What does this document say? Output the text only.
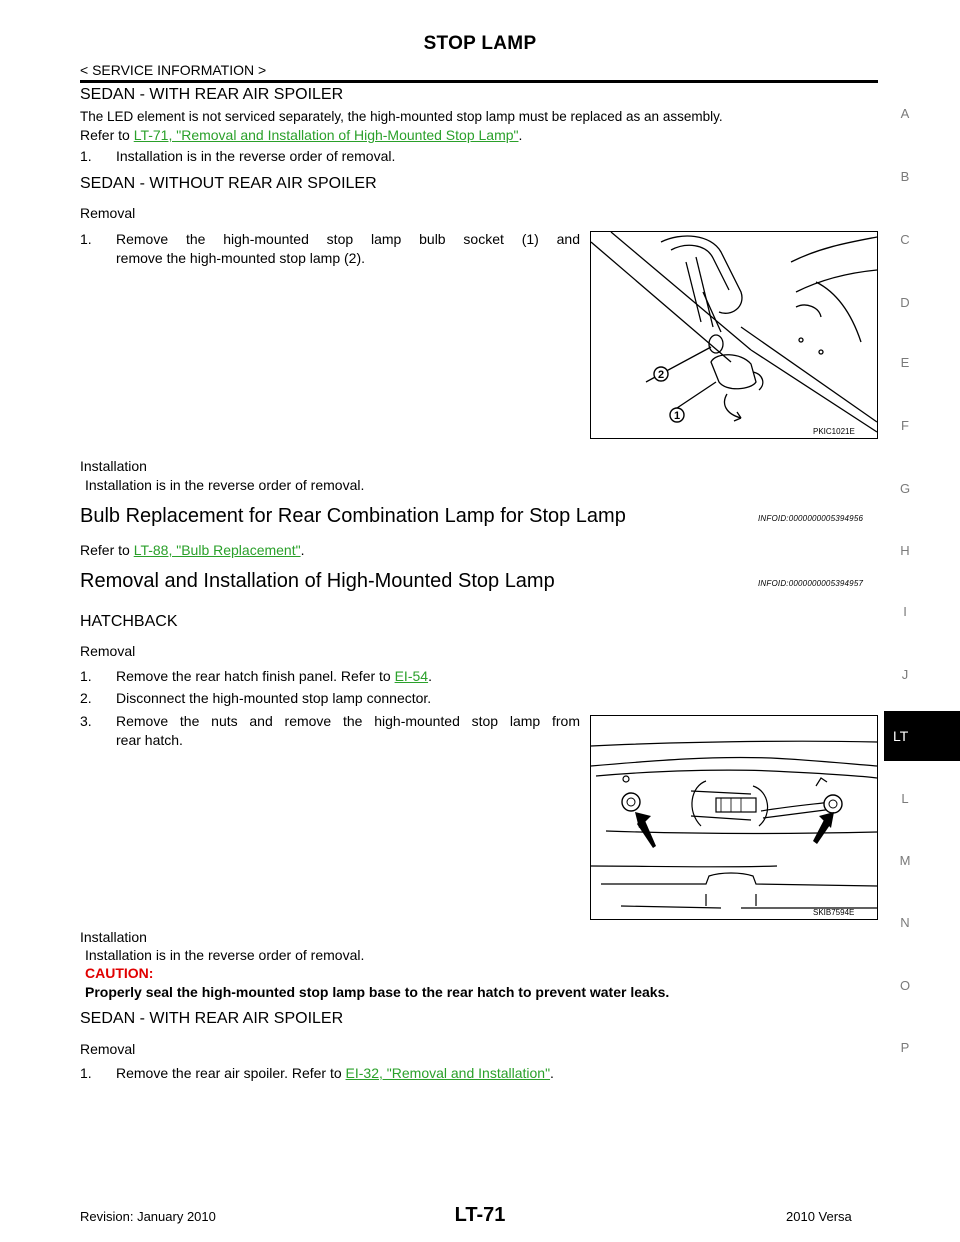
STOP LAMP
< SERVICE INFORMATION >
SEDAN - WITH REAR AIR SPOILER
The LED element is not serviced separately, the high-mounted stop lamp must be replaced as an assembly.
Refer to LT-71, "Removal and Installation of High-Mounted Stop Lamp".
1. Installation is in the reverse order of removal.
SEDAN - WITHOUT REAR AIR SPOILER
Removal
1. Remove the high-mounted stop lamp bulb socket (1) and
remove the high-mounted stop lamp (2).
2
1
PKIC1021E
Installation
Installation is in the reverse order of removal.
Bulb Replacement for Rear Combination Lamp for Stop Lamp	INFOID:0000000005394956
Refer to LT-88, "Bulb Replacement".
Removal and Installation of High-Mounted Stop Lamp	INFOID:0000000005394957
HATCHBACK
Removal
1. Remove the rear hatch finish panel. Refer to EI-54.
2. Disconnect the high-mounted stop lamp connector.
3. Remove the nuts and remove the high-mounted stop lamp from
rear hatch.
SKIB7594E
Installation
Installation is in the reverse order of removal.
CAUTION:
Properly seal the high-mounted stop lamp base to the rear hatch to prevent water leaks.
SEDAN - WITH REAR AIR SPOILER
Removal
1. Remove the rear air spoiler. Refer to EI-32, "Removal and Installation".
A
B
C
D
E
F
G
H
I
J
LT
L
M
N
O
P
Revision: January 2010	LT-71	2010 Versa
